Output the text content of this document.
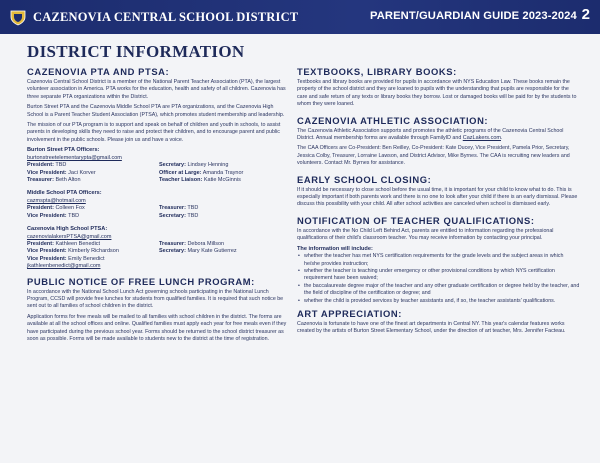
CAZENOVIA CENTRAL SCHOOL DISTRICT	PARENT/GUARDIAN GUIDE 2023-2024 2
DISTRICT INFORMATION
CAZENOVIA PTA AND PTSA:

Cazenovia Central School District is a member of the National Parent Teacher Association (PTA), the largest volunteer association in America. PTA works for the education, health and safety of all children. Cazenovia has three separate PTA organizations within the District.

Burton Street PTA and the Cazenovia Middle School PTA are PTA organizations, and the Cazenovia High School is a Parent Teacher Student Association (PTSA), which promotes student membership and leadership.

The mission of our PTA program is to support and speak on behalf of children and youth in schools, to assist parents in developing skills they need to raise and protect their children, and to encourage parent and public involvement in the public schools. Please join us and have a voice.

Burton Street PTA Officers:
burtonstreetelementarypta@gmail.com
President: TBD	Secretary: Lindsey Henning
Vice President: Jaci Korver	Officer at Large: Amanda Traynor
Treasurer: Beth Alton	Teacher Liaison: Katie McGinnis
Middle School PTA Officers:
cazmspta@hotmail.com
President: Colleen Fox	Treasurer: TBD
Vice President: TBD	Secretary: TBD
Cazenovia High School PTSA:
cazenovialakersPTSA@gmail.com
President: Kathleen Benedict	Treasurer: Debora Millson
Vice President: Kimberly Richardson	Secretary: Mary Kate Gutierrez
Vice President: Emily Benedict
jkathleenbenedict@gmail.com
PUBLIC NOTICE OF FREE LUNCH PROGRAM:

In accordance with the National School Lunch Act governing schools participating in the National Lunch Program, CCSD will provide free lunches for students from qualified families. It is required that such notice be sent out to all families of school children in the district.

Application forms for free meals will be mailed to all families with school children in the district. The forms are available at all the school offices and online. Qualified families must apply each year for free meals even if they have participated during the previous school year. Forms should be returned to the school district treasurer as soon as possible. Forms will be made available to students new to the district at the time of registration.

TEXTBOOKS, LIBRARY BOOKS:

Textbooks and library books are provided for pupils in accordance with NYS Education Law. These books remain the property of the school district and they are loaned to pupils with the understanding that pupils are responsible for the care and safe return of any texts or library books they borrow. Lost or damaged books will be paid for by the students to whom they were loaned.

CAZENOVIA ATHLETIC ASSOCIATION:

The Cazenovia Athletic Association supports and promotes the athletic programs of the Cazenovia Central School District. Annual membership forms are available through FamilyID and CazLakers.com.

The CAA Officers are Co-President: Ben Reilley, Co-President: Kate Ducey, Vice President, Pamela Prior, Secretary, Jessica Colby, Treasurer, Lorraine Lawson, and District Advisor, Mike Byrnes. The CAA is recruiting new leaders and volunteers. Contact Mr. Byrnes for assistance.

EARLY SCHOOL CLOSING:

If it should be necessary to close school before the usual time, it is important for your child to know what to do. This is especially important if both parents work and there is no one to look after your child if there is an early dismissal. Please discuss this possibility with your child. All after school activities are canceled when school is dismissed early.

NOTIFICATION OF TEACHER QUALIFICATIONS:

In accordance with the No Child Left Behind Act, parents are entitled to information regarding the professional qualifications of their child's classroom teacher. You may receive information by contacting your principal.

The information will include:
• whether the teacher has met NYS certification requirements for the grade levels and the subject areas in which he/she provides instruction;
• whether the teacher is teaching under emergency or other provisional conditions by which NYS certification requirement have been waived;
• the baccalaureate degree major of the teacher and any other graduate certification or degree held by the teacher, and the field of discipline of the certification or degree; and
• whether the child is provided services by teacher assistants and, if so, the teacher assistants' qualifications.
ART APPRECIATION:

Cazenovia is fortunate to have one of the finest art departments in Central NY. This year's calendar features works created by the artists of Burton Street Elementary School, under the direction of art teacher, Mrs. Jennifer Facteau.
